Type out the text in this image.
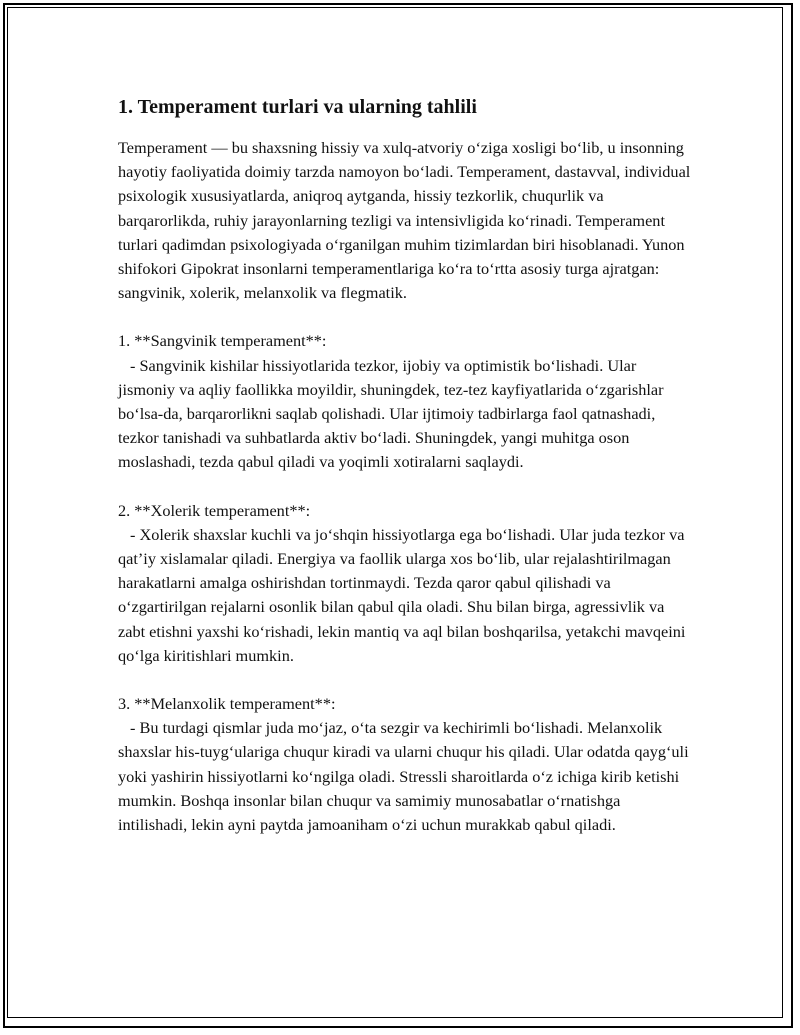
1. Temperament turlari va ularning tahlili

Temperament — bu shaxsning hissiy va xulq-atvoriy o‘ziga xosligi bo‘lib, u insonning hayotiy faoliyatida doimiy tarzda namoyon bo‘ladi. Temperament, dastavval, individual psixologik xususiyatlarda, aniqroq aytganda, hissiy tezkorlik, chuqurlik va barqarorlikda, ruhiy jarayonlarning tezligi va intensivligida ko‘rinadi. Temperament turlari qadimdan psixologiyada o‘rganilgan muhim tizimlardan biri hisoblanadi. Yunon shifokori Gipokrat insonlarni temperamentlariga ko‘ra to‘rtta asosiy turga ajratgan: sangvinik, xolerik, melanxolik va flegmatik.

1. **Sangvinik temperament**:
- Sangvinik kishilar hissiyotlarida tezkor, ijobiy va optimistik bo‘lishadi. Ular jismoniy va aqliy faollikka moyildir, shuningdek, tez-tez kayfiyatlarida o‘zgarishlar bo‘lsa-da, barqarorlikni saqlab qolishadi. Ular ijtimoiy tadbirlarga faol qatnashadi, tezkor tanishadi va suhbatlarda aktiv bo‘ladi. Shuningdek, yangi muhitga oson moslashadi, tezda qabul qiladi va yoqimli xotiralarni saqlaydi.
2. **Xolerik temperament**:
- Xolerik shaxslar kuchli va jo‘shqin hissiyotlarga ega bo‘lishadi. Ular juda tezkor va qat’iy xislamalar qiladi. Energiya va faollik ularga xos bo‘lib, ular rejalashtirilmagan harakatlarni amalga oshirishdan tortinmaydi. Tezda qaror qabul qilishadi va o‘zgartirilgan rejalarni osonlik bilan qabul qila oladi. Shu bilan birga, agressivlik va zabt etishni yaxshi ko‘rishadi, lekin mantiq va aql bilan boshqarilsa, yetakchi mavqeini qo‘lga kiritishlari mumkin.
3. **Melanxolik temperament**:
- Bu turdagi qismlar juda mo‘jaz, o‘ta sezgir va kechirimli bo‘lishadi. Melanxolik shaxslar his-tuyg‘ulariga chuqur kiradi va ularni chuqur his qiladi. Ular odatda qayg‘uli yoki yashirin hissiyotlarni ko‘ngilga oladi. Stressli sharoitlarda o‘z ichiga kirib ketishi mumkin. Boshqa insonlar bilan chuqur va samimiy munosabatlar o‘rnatishga intilishadi, lekin ayni paytda jamoaniham o‘zi uchun murakkab qabul qiladi.
